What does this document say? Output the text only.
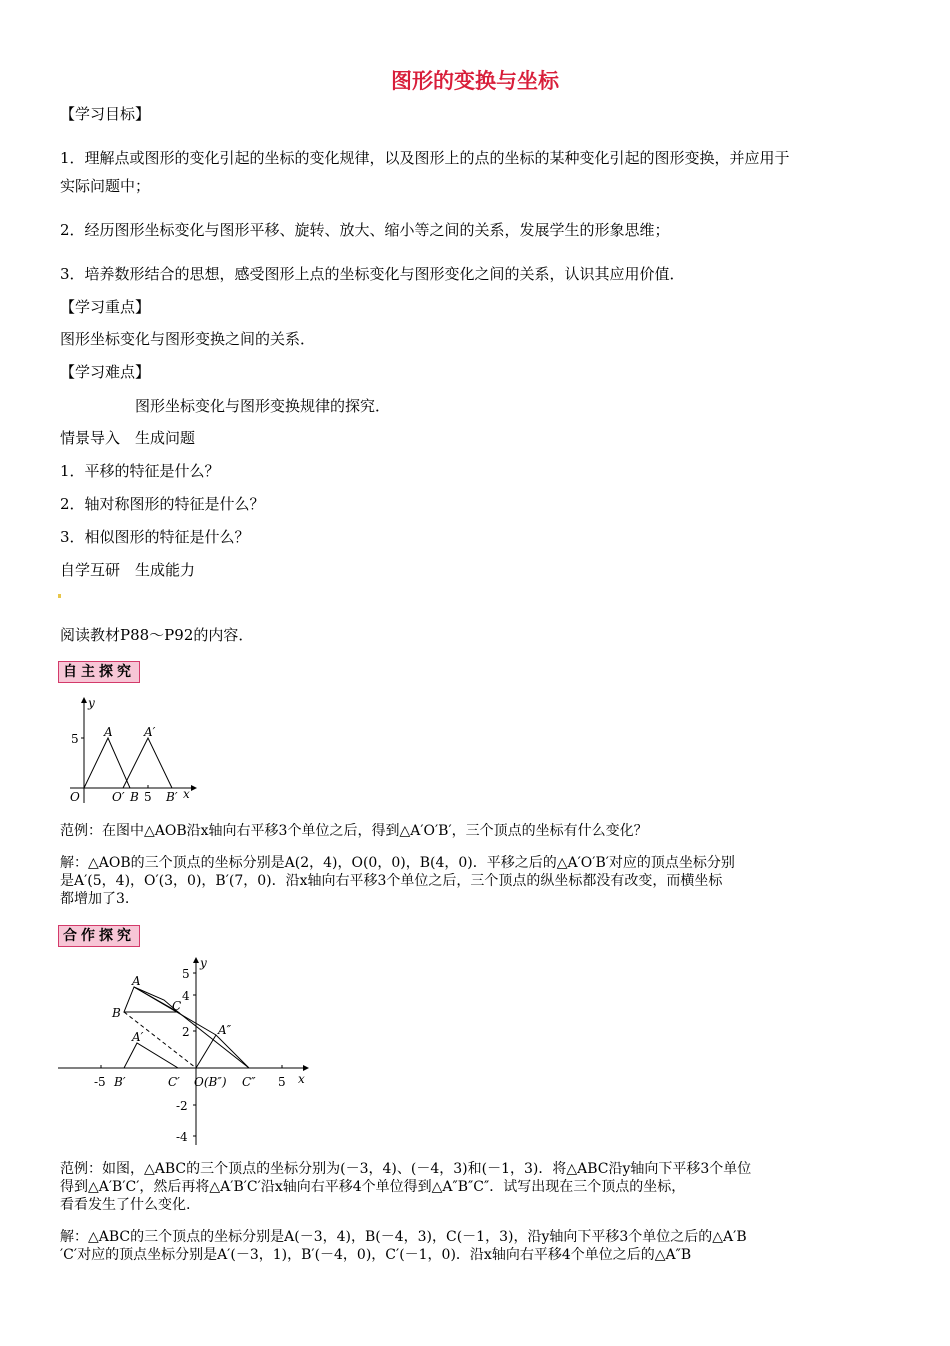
图形的变换与坐标
【学习目标】
1．理解点或图形的变化引起的坐标的变化规律，以及图形上的点的坐标的某种变化引起的图形变换，并应用于
实际问题中；
2．经历图形坐标变化与图形平移、旋转、放大、缩小等之间的关系，发展学生的形象思维；
3．培养数形结合的思想，感受图形上点的坐标变化与图形变化之间的关系，认识其应用价值．
【学习重点】
图形坐标变化与图形变换之间的关系．
【学习难点】
图形坐标变化与图形变换规律的探究．
情景导入　生成问题
1．平移的特征是什么？
2．轴对称图形的特征是什么？
3．相似图形的特征是什么？
自学互研　生成能力
阅读教材P88～P92的内容．
自主探究
y
5 A	A′
O	O′ B 5 B′ x
范例：在图中△AOB沿x轴向右平移3个单位之后，得到△A′O′B′，三个顶点的坐标有什么变化？
解：△AOB的三个顶点的坐标分别是A(2，4)，O(0，0)，B(4，0)．平移之后的△A′O′B′对应的顶点坐标分别
是A′(5，4)，O′(3，0)，B′(7，0)．沿x轴向右平移3个单位之后，三个顶点的纵坐标都没有改变，而横坐标
都增加了3.
合作探究
y
5
4
2
-2
-4
-5	5 x
A
B	C
A′
B′	C′
A″
O(B″) C″
范例：如图，△ABC的三个顶点的坐标分别为(－3，4)、(－4，3)和(－1，3)．将△ABC沿y轴向下平移3个单位
得到△A′B′C′，然后再将△A′B′C′沿x轴向右平移4个单位得到△A″B″C″．试写出现在三个顶点的坐标，
看看发生了什么变化.
解：△ABC的三个顶点的坐标分别是A(－3，4)，B(－4，3)，C(－1，3)，沿y轴向下平移3个单位之后的△A′B
′C′对应的顶点坐标分别是A′(－3，1)，B′(－4，0)，C′(－1，0)．沿x轴向右平移4个单位之后的△A″B
